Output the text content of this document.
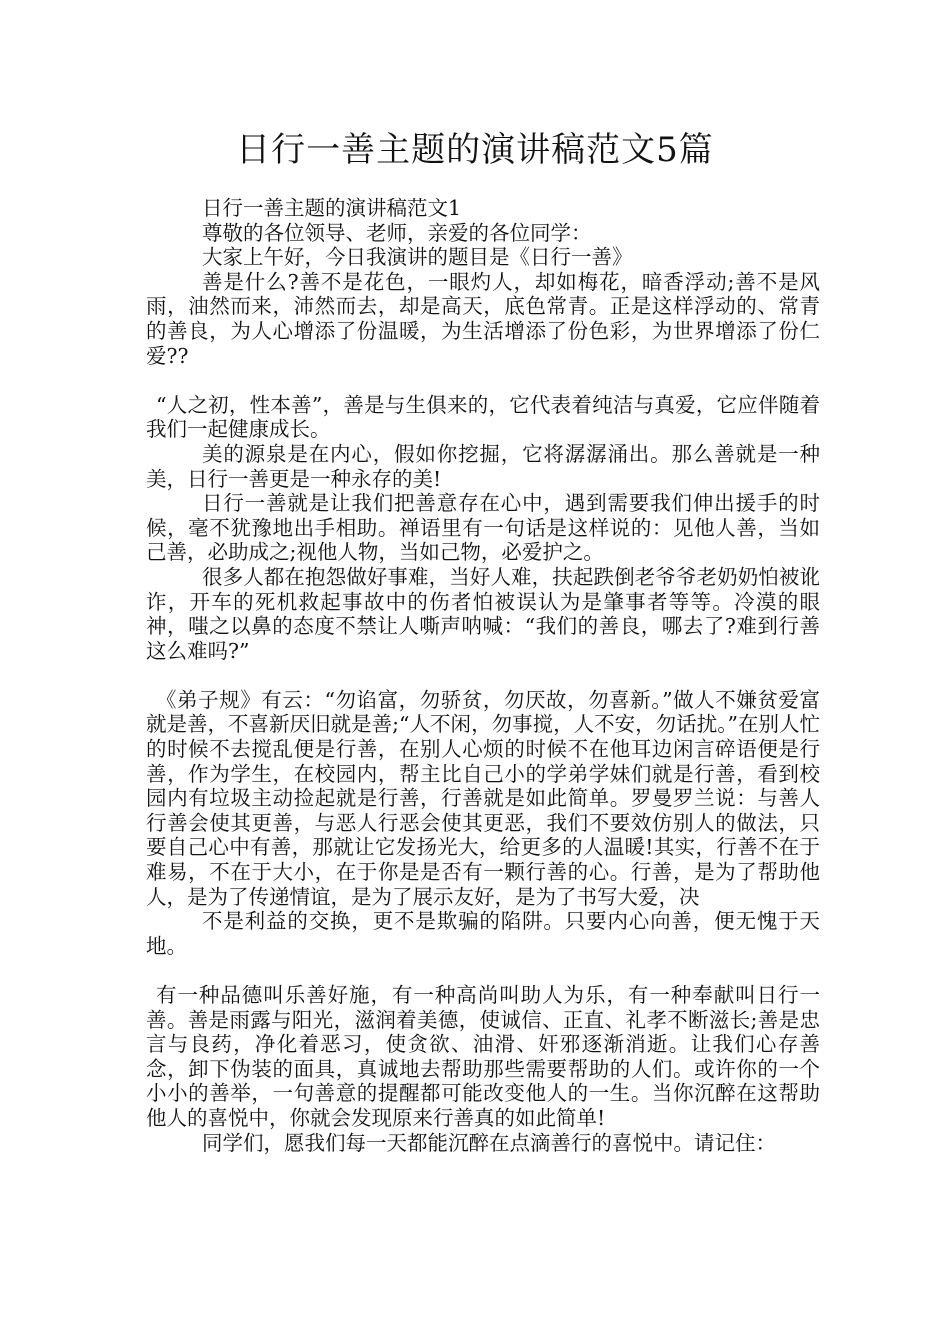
日行一善主题的演讲稿范文5篇

日行一善主题的演讲稿范文1

尊敬的各位领导、老师，亲爱的各位同学：

大家上午好，今日我演讲的题目是《日行一善》

善是什么?善不是花色，一眼灼人，却如梅花，暗香浮动;善不是风雨，油然而来，沛然而去，却是高天，底色常青。正是这样浮动的、常青的善良，为人心增添了份温暖，为生活增添了份色彩，为世界增添了份仁爱??

“人之初，性本善”，善是与生俱来的，它代表着纯洁与真爱，它应伴随着我们一起健康成长。

美的源泉是在内心，假如你挖掘，它将潺潺涌出。那么善就是一种美，日行一善更是一种永存的美!

日行一善就是让我们把善意存在心中，遇到需要我们伸出援手的时候，毫不犹豫地出手相助。禅语里有一句话是这样说的：见他人善，当如己善，必助成之;视他人物，当如己物，必爱护之。

很多人都在抱怨做好事难，当好人难，扶起跌倒老爷爷老奶奶怕被讹诈，开车的死机救起事故中的伤者怕被误认为是肇事者等等。冷漠的眼神，嗤之以鼻的态度不禁让人嘶声呐喊：“我们的善良，哪去了?难到行善这么难吗?”

《弟子规》有云：“勿谄富，勿骄贫，勿厌故，勿喜新。”做人不嫌贫爱富就是善，不喜新厌旧就是善;“人不闲，勿事搅，人不安，勿话扰。”在别人忙的时候不去搅乱便是行善，在别人心烦的时候不在他耳边闲言碎语便是行善，作为学生，在校园内，帮主比自己小的学弟学妹们就是行善，看到校园内有垃圾主动捡起就是行善，行善就是如此简单。罗曼罗兰说：与善人行善会使其更善，与恶人行恶会使其更恶，我们不要效仿别人的做法，只要自己心中有善，那就让它发扬光大，给更多的人温暖!其实，行善不在于难易，不在于大小，在于你是是否有一颗行善的心。行善，是为了帮助他人，是为了传递情谊，是为了展示友好，是为了书写大爱，决

不是利益的交换，更不是欺骗的陷阱。只要内心向善，便无愧于天地。

有一种品德叫乐善好施，有一种高尚叫助人为乐，有一种奉献叫日行一善。善是雨露与阳光，滋润着美德，使诚信、正直、礼孝不断滋长;善是忠言与良药，净化着恶习，使贪欲、油滑、奸邪逐渐消逝。让我们心存善念，卸下伪装的面具，真诚地去帮助那些需要帮助的人们。或许你的一个小小的善举，一句善意的提醒都可能改变他人的一生。当你沉醉在这帮助他人的喜悦中，你就会发现原来行善真的如此简单!

同学们，愿我们每一天都能沉醉在点滴善行的喜悦中。请记住：
